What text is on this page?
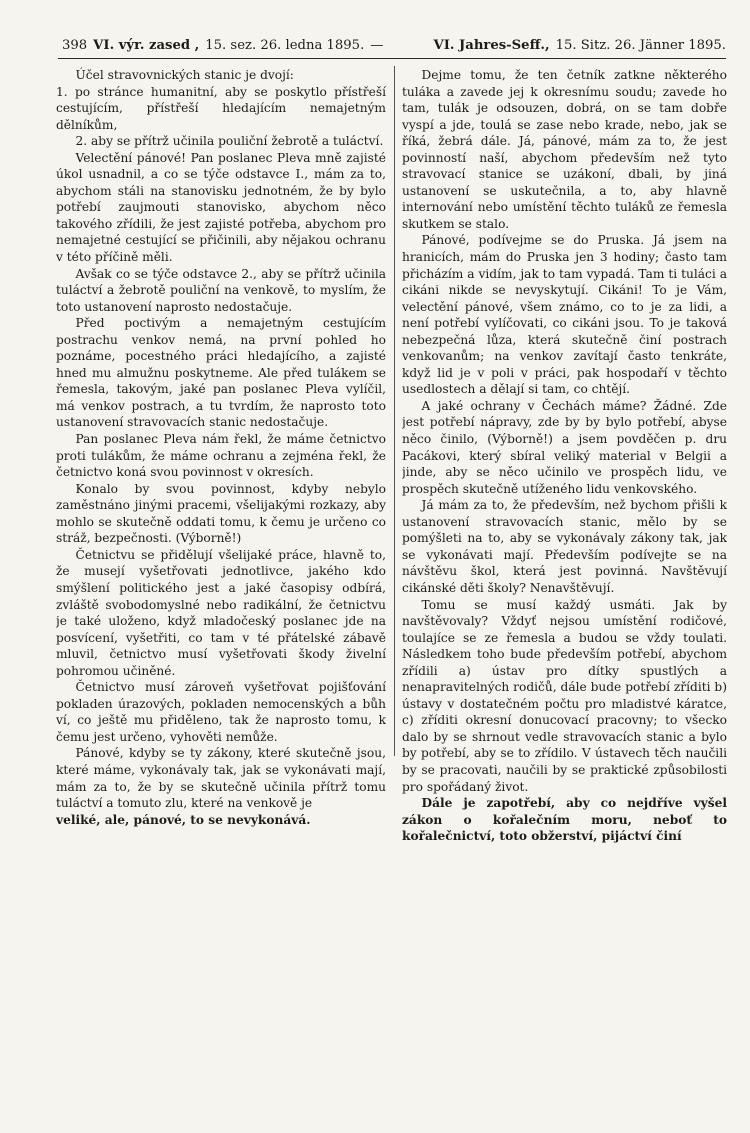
398 VI. výr. zased , 15. sez. 26. ledna 1895. —	VI. Jahres-Seff., 15. Sitz. 26. Jänner 1895.

Účel stravovnických stanic je dvojí:

1. po stránce humanitní, aby se poskytlo přístřeší cestujícím, přístřeší hledajícím nemajetným dělníkům,

2. aby se přítrž učinila pouliční žebrotě a tuláctví.

Velectění pánové! Pan poslanec Pleva mně zajisté úkol usnadnil, a co se týče odstavce I., mám za to, abychom stáli na stanovisku jednotném, že by bylo potřebí zaujmouti stanovisko, abychom něco takového zřídili, že jest zajisté potřeba, abychom pro nemajetné cestující se přičinili, aby nějakou ochranu v této příčině měli.

Avšak co se týče odstavce 2., aby se přítrž učinila tuláctví a žebrotě pouliční na venkově, to myslím, že toto ustanovení naprosto nedostačuje.

Před poctivým a nemajetným cestujícím postrachu venkov nemá, na první pohled ho poznáme, pocestného práci hledajícího, a zajisté hned mu almužnu poskytneme. Ale před tulákem se řemesla, takovým, jaké pan poslanec Pleva vylíčil, má venkov postrach, a tu tvrdím, že naprosto toto ustanovení stravovacích stanic nedostačuje.

Pan poslanec Pleva nám řekl, že máme četnictvo proti tulákům, že máme ochranu a zejména řekl, že četnictvo koná svou povinnost v okresích.

Konalo by svou povinnost, kdyby nebylo zaměstnáno jinými pracemi, všelijakými rozkazy, aby mohlo se skutečně oddati tomu, k čemu je určeno co stráž, bezpečnosti. (Výborně!)

Četnictvu se přidělují všelijaké práce, hlavně to, že musejí vyšetřovati jednotlivce, jakého kdo smýšlení politického jest a jaké časopisy odbírá, zvláště svobodomyslné nebo radikální, že četnictvu je také uloženo, když mladočeský poslanec jde na posvícení, vyšetřiti, co tam v té přátelské zábavě mluvil, četnictvo musí vyšetřovati škody živelní pohromou učiněné.

Četnictvo musí zároveň vyšetřovat pojišťování pokladen úrazových, pokladen nemocenských a bůh ví, co ještě mu přiděleno, tak že naprosto tomu, k čemu jest určeno, vyhověti nemůže.

Pánové, kdyby se ty zákony, které skutečně jsou, které máme, vykonávaly tak, jak se vykonávati mají, mám za to, že by se skutečně učinila přítrž tomu tuláctví a tomuto zlu, které na venkově je

veliké, ale, pánové, to se nevykonává.

Dejme tomu, že ten četník zatkne některého tuláka a zavede jej k okresnímu soudu; zavede ho tam, tulák je odsouzen, dobrá, on se tam dobře vyspí a jde, toulá se zase nebo krade, nebo, jak se říká, žebrá dále. Já, pánové, mám za to, že jest povinností naší, abychom především než tyto stravovací stanice se uzákoní, dbali, by jiná ustanovení se uskutečnila, a to, aby hlavně internování nebo umístění těchto tuláků ze řemesla skutkem se stalo.

Pánové, podívejme se do Pruska. Já jsem na hranicích, mám do Pruska jen 3 hodiny; často tam přicházím a vidím, jak to tam vypadá. Tam ti tuláci a cikáni nikde se nevyskytují. Cikáni! To je Vám, velectění pánové, všem známo, co to je za lidi, a není potřebí vylíčovati, co cikáni jsou. To je taková nebezpečná lůza, která skutečně činí postrach venkovanům; na venkov zavítají často tenkráte, když lid je v poli v práci, pak hospodaří v těchto usedlostech a dělají si tam, co chtějí.

A jaké ochrany v Čechách máme? Žádné. Zde jest potřebí nápravy, zde by by bylo potřebí, abyse něco činilo, (Výborně!) a jsem povděčen p. dru Pacákovi, který sbíral veliký material v Belgii a jinde, aby se něco učinilo ve prospěch lidu, ve prospěch skutečně utíženého lidu venkovského.

Já mám za to, že především, než bychom přišli k ustanovení stravovacích stanic, mělo by se pomýšleti na to, aby se vykonávaly zákony tak, jak se vykonávati mají. Především podívejte se na návštěvu škol, která jest povinná. Navštěvují cikánské děti školy? Nenavštěvují.

Tomu se musí každý usmáti. Jak by navštěvovaly? Vždyť nejsou umístění rodičové, toulajíce se ze řemesla a budou se vždy toulati. Následkem toho bude především potřebí, abychom zřídili a) ústav pro dítky spustlých a nenapravitelných rodičů, dále bude potřebí zříditi b) ústavy v dostatečném počtu pro mladistvé káratce, c) zříditi okresní donucovací pracovny; to všecko dalo by se shrnout vedle stravovacích stanic a bylo by potřebí, aby se to zřídilo. V ústavech těch naučili by se pracovati, naučili by se praktické způsobilosti pro spořádaný život.

Dále je zapotřebí, aby co nejdříve vyšel zákon o kořalečním moru, neboť to kořalečnictví, toto obžerství, pijáctví činí
